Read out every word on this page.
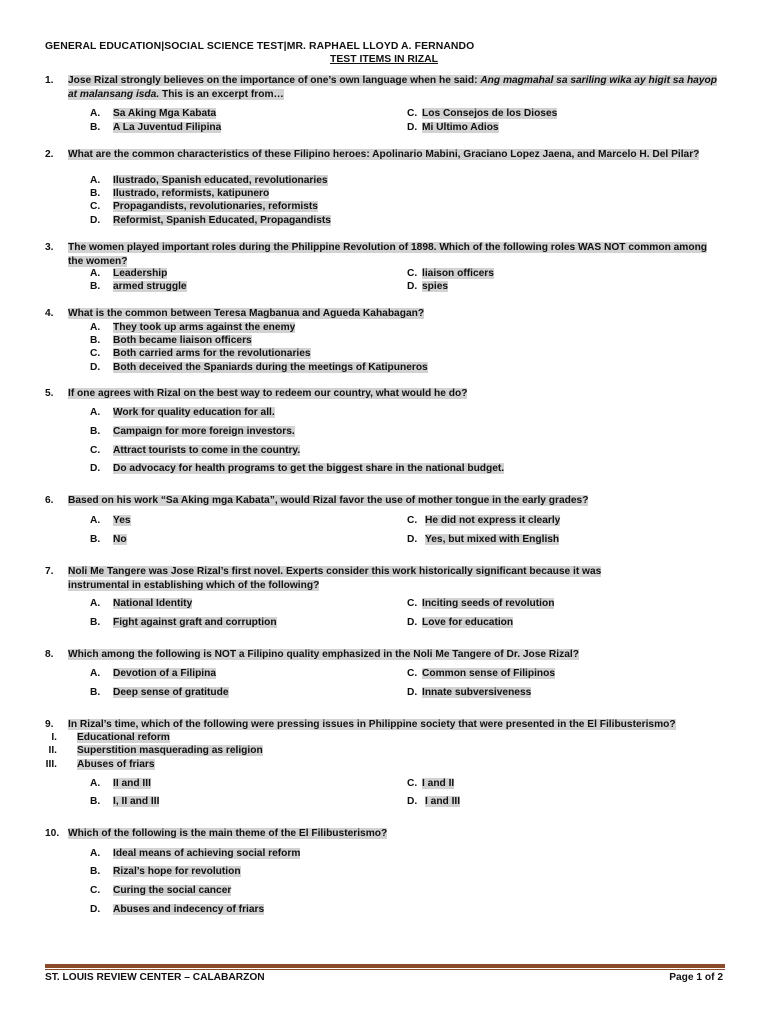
GENERAL EDUCATION|SOCIAL SCIENCE TEST|MR. RAPHAEL LLOYD A. FERNANDO
TEST ITEMS IN RIZAL
1. Jose Rizal strongly believes on the importance of one’s own language when he said: Ang magmahal sa sariling wika ay higit sa hayop at malansang isda. This is an excerpt from…
A. Sa Aking Mga Kabata
B. A La Juventud Filipina
C. Los Consejos de los Dioses
D. Mi Ultimo Adios
2. What are the common characteristics of these Filipino heroes: Apolinario Mabini, Graciano Lopez Jaena, and Marcelo H. Del Pilar?
A. Ilustrado, Spanish educated, revolutionaries
B. Ilustrado, reformists, katipunero
C. Propagandists, revolutionaries, reformists
D. Reformist, Spanish Educated, Propagandists
3. The women played important roles during the Philippine Revolution of 1898. Which of the following roles WAS NOT common among the women?
A. Leadership
B. armed struggle
C. liaison officers
D. spies
4. What is the common between Teresa Magbanua and Agueda Kahabagan?
A. They took up arms against the enemy
B. Both became liaison officers
C. Both carried arms for the revolutionaries
D. Both deceived the Spaniards during the meetings of Katipuneros
5. If one agrees with Rizal on the best way to redeem our country, what would he do?
A. Work for quality education for all.
B. Campaign for more foreign investors.
C. Attract tourists to come in the country.
D. Do advocacy for health programs to get the biggest share in the national budget.
6. Based on his work “Sa Aking mga Kabata”, would Rizal favor the use of mother tongue in the early grades?
A. Yes
B. No
C. He did not express it clearly
D. Yes, but mixed with English
7. Noli Me Tangere was Jose Rizal’s first novel. Experts consider this work historically significant because it was instrumental in establishing which of the following?
A. National Identity
B. Fight against graft and corruption
C. Inciting seeds of revolution
D. Love for education
8. Which among the following is NOT a Filipino quality emphasized in the Noli Me Tangere of Dr. Jose Rizal?
A. Devotion of a Filipina
B. Deep sense of gratitude
C. Common sense of Filipinos
D. Innate subversiveness
9. In Rizal’s time, which of the following were pressing issues in Philippine society that were presented in the El Filibusterismo?
I. Educational reform
II. Superstition masquerading as religion
III. Abuses of friars
A. II and III
B. I, II and III
C. I and II
D. I and III
10. Which of the following is the main theme of the El Filibusterismo?
A. Ideal means of achieving social reform
B. Rizal’s hope for revolution
C. Curing the social cancer
D. Abuses and indecency of friars
ST. LOUIS REVIEW CENTER – CALABARZON	Page 1 of 2
